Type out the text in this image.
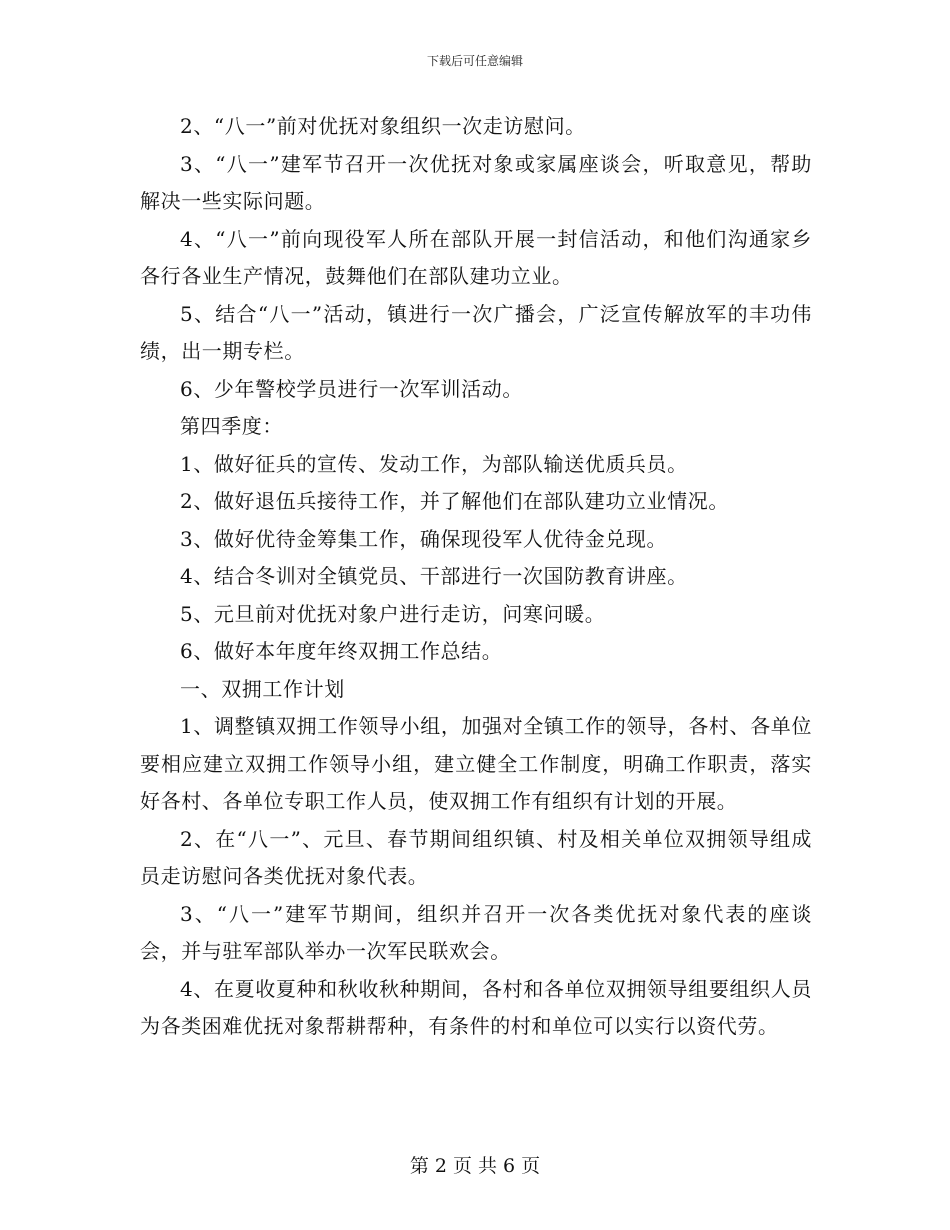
下载后可任意编辑

2、“八一”前对优抚对象组织一次走访慰问。

3、“八一”建军节召开一次优抚对象或家属座谈会，听取意见，帮助解决一些实际问题。

4、“八一”前向现役军人所在部队开展一封信活动，和他们沟通家乡各行各业生产情况，鼓舞他们在部队建功立业。

5、结合“八一”活动，镇进行一次广播会，广泛宣传解放军的丰功伟绩，出一期专栏。

6、少年警校学员进行一次军训活动。

第四季度：

1、做好征兵的宣传、发动工作，为部队输送优质兵员。

2、做好退伍兵接待工作，并了解他们在部队建功立业情况。

3、做好优待金筹集工作，确保现役军人优待金兑现。

4、结合冬训对全镇党员、干部进行一次国防教育讲座。

5、元旦前对优抚对象户进行走访，问寒问暖。

6、做好本年度年终双拥工作总结。

一、双拥工作计划

1、调整镇双拥工作领导小组，加强对全镇工作的领导，各村、各单位要相应建立双拥工作领导小组，建立健全工作制度，明确工作职责，落实好各村、各单位专职工作人员，使双拥工作有组织有计划的开展。

2、在“八一”、元旦、春节期间组织镇、村及相关单位双拥领导组成员走访慰问各类优抚对象代表。

3、“八一”建军节期间，组织并召开一次各类优抚对象代表的座谈会，并与驻军部队举办一次军民联欢会。

4、在夏收夏种和秋收秋种期间，各村和各单位双拥领导组要组织人员为各类困难优抚对象帮耕帮种，有条件的村和单位可以实行以资代劳。

第 2 页 共 6 页
